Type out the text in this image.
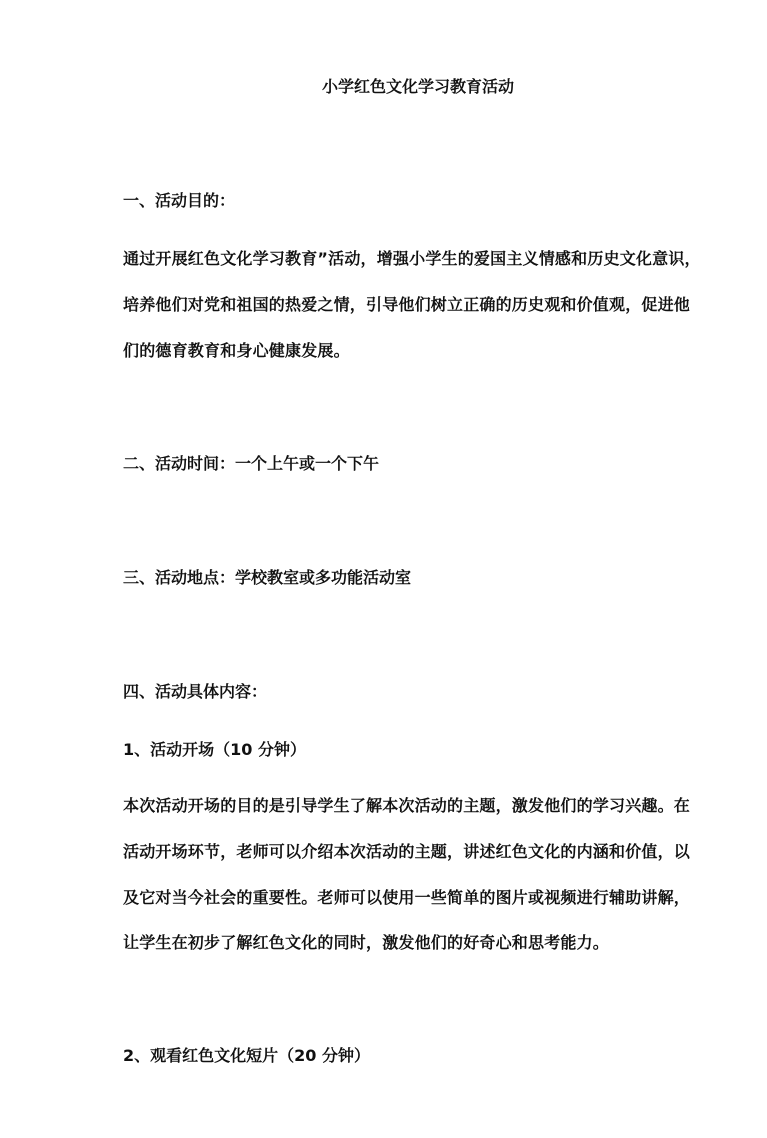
小学红色文化学习教育活动

一、活动目的：

通过开展红色文化学习教育”活动，增强小学生的爱国主义情感和历史文化意识，

培养他们对党和祖国的热爱之情，引导他们树立正确的历史观和价值观，促进他

们的德育教育和身心健康发展。

二、活动时间：一个上午或一个下午

三、活动地点：学校教室或多功能活动室

四、活动具体内容：

1、活动开场（10 分钟）

本次活动开场的目的是引导学生了解本次活动的主题，激发他们的学习兴趣。在

活动开场环节，老师可以介绍本次活动的主题，讲述红色文化的内涵和价值，以

及它对当今社会的重要性。老师可以使用一些简单的图片或视频进行辅助讲解，

让学生在初步了解红色文化的同时，激发他们的好奇心和思考能力。

2、观看红色文化短片（20 分钟）
